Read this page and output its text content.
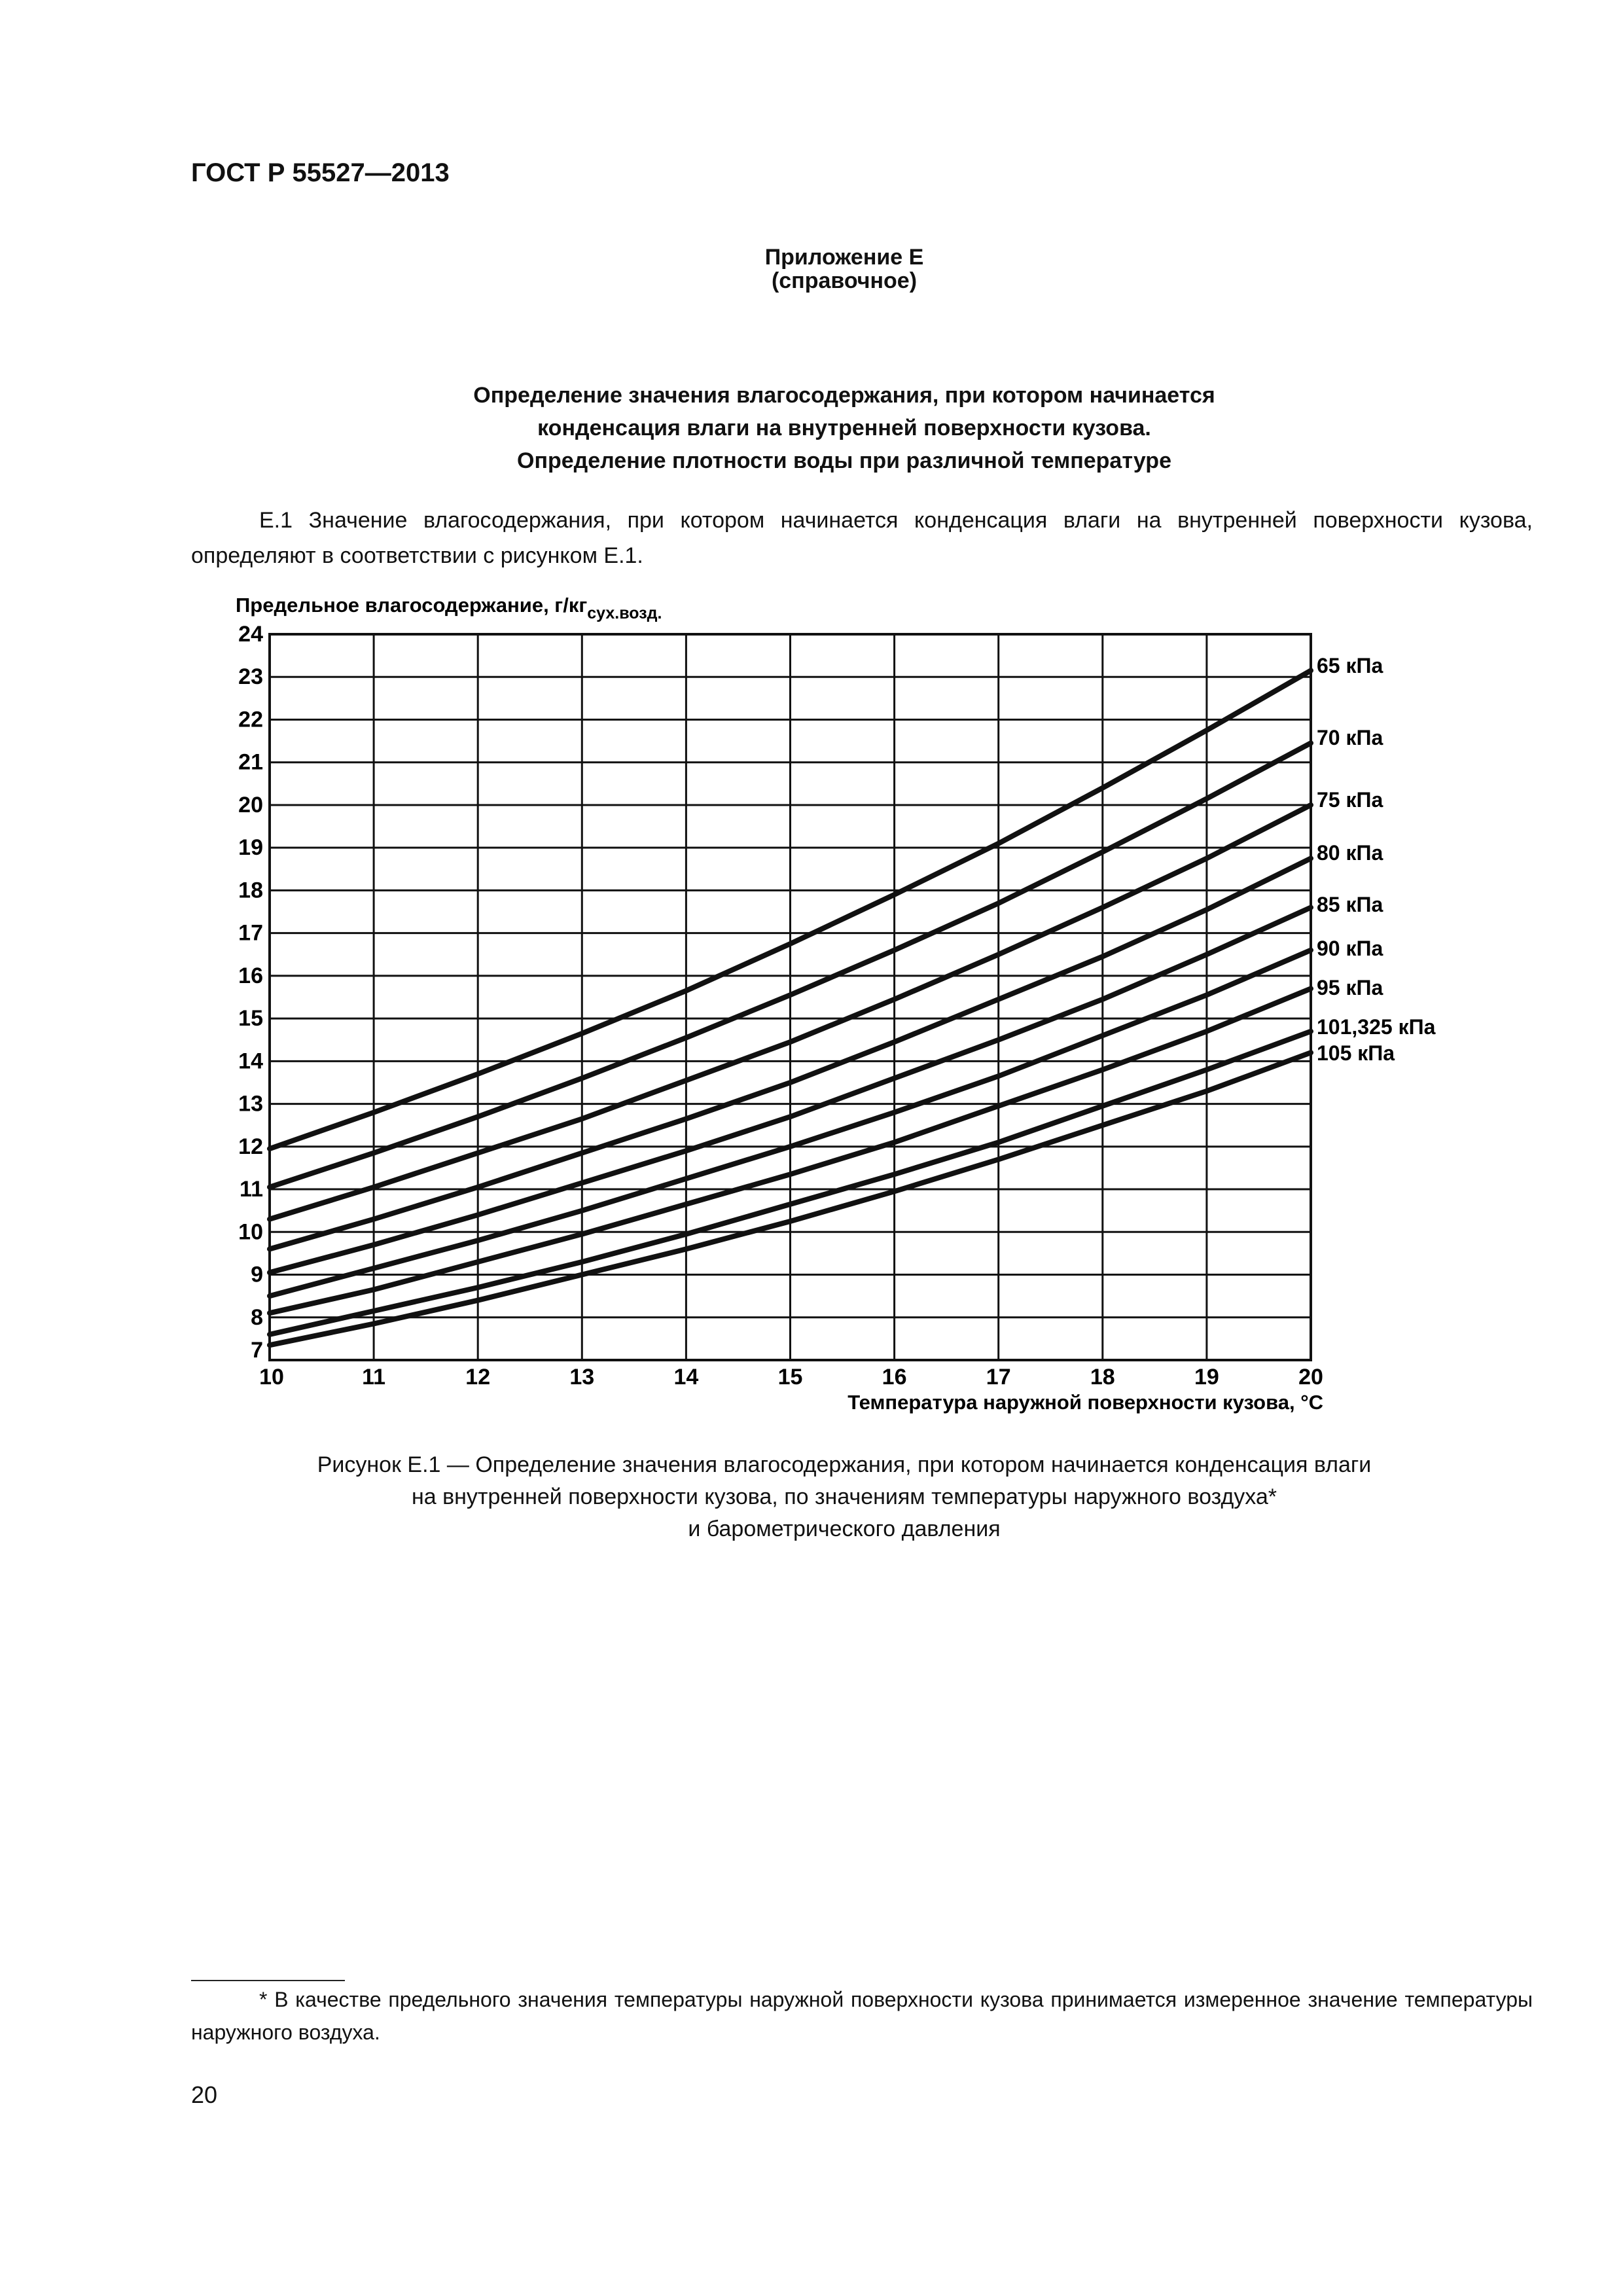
ГОСТ Р 55527—2013
Приложение Е
(справочное)
Определение значения влагосодержания, при котором начинается
конденсация влаги на внутренней поверхности кузова.
Определение плотности воды при различной температуре
Е.1 Значение влагосодержания, при котором начинается конденсация влаги на внутренней поверхности кузова, определяют в соответствии с рисунком Е.1.
Предельное влагосодержание, $г/кг_{сух.возд.}$
7
8
9
10
11
12
13
14
15
16
17
18
19
20
21
22
23
24
10	11	12	13	14	15	16	17	18	19	20
65 кПа
70 кПа
75 кПа
80 кПа
85 кПа
90 кПа
95 кПа
101,325 кПа
105 кПа
Температура наружной поверхности кузова, °С
Рисунок Е.1 — Определение значения влагосодержания, при котором начинается конденсация влаги
на внутренней поверхности кузова, по значениям температуры наружного воздуха*
и барометрического давления
* В качестве предельного значения температуры наружной поверхности кузова принимается измеренное значение температуры наружного воздуха.
20
